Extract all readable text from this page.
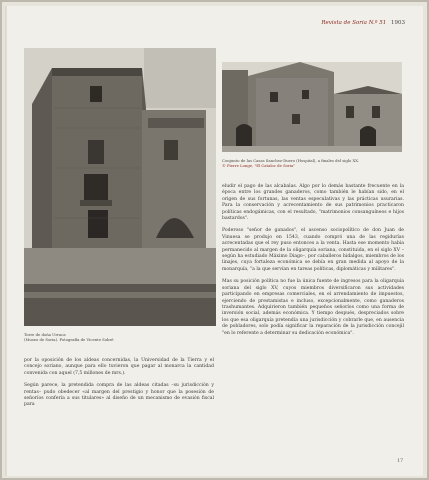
Revista de Soria N.º 51 1903
Torre de doña Urraca
(Museo de Soria). Fotografía de Vicente Sobré
Conjunto de las Casas Sanchez-Duero (Hospital), a finales del siglo XX.
© Pierre Longe, "El Cataloc de Soria"

por la oposición de los aldeas concernidas, la Universidad de la Tierra y el concejo soriano, aunque para ello tuvieron que pagar al monarca la cantidad convenida con aquel (7,5 millones de mrs.).

Según parece, la pretendida compra de las aldeas citadas –su jurisdicción y rentas– pudo obedecer «al margen del prestigio y honor que la posesión de señoríos confería a sus titulares» al diseño de un mecanismo de evasión fiscal para

eludir el pago de las alcabalas. Algo por lo demás bastante frecuente en la época entre los grandes ganaderos, como también le habían sido, en el origen de sus fortunas, las ventas especulativas y las prácticas usurarias. Para la conservación y acrecentamiento de sus patrimonios practicaron políticas endogámicas, con el resultado, "matrimonios consanguíneos e hijos bastardos".

Poderoso "señor de ganados", el ascenso sociopolítico de don Juan de Vinuesa se produjo en 1543, cuando compró una de las regidurías acrecentadas que el rey puso entonces a la venta. Hasta ese momento había permanecido al margen de la oligarquía soriana, constituida, en el siglo XV –según ha estudiado Máximo Diago–, por caballeros hidalgos, miembros de los linajes, cuya fortaleza económica se debía en gran medida al apoyo de la monarquía, "a la que servían en tareas políticas, diplomáticas y militares".

Mas su posición política no fue la única fuente de ingresos para la oligarquía soriana del siglo XV, cuyos miembros diversificaron sus actividades participando en empresas comerciales, en el arrendamiento de impuestos, ejerciendo de prestamistas e incluso, excepcionalmente, como ganaderos trashumantes. Adquirieron también pequeños señoríos como una forma de inversión social, además económica. Y tiempo después, despreciados sobre los que esa oligarquía pretendía una jurisdicción y cobrarle que, en ausencia de pobladores, solo podía significar la reparación de la jurisdicción concejil "en lo referente a determinar su dedicación económica".

17
